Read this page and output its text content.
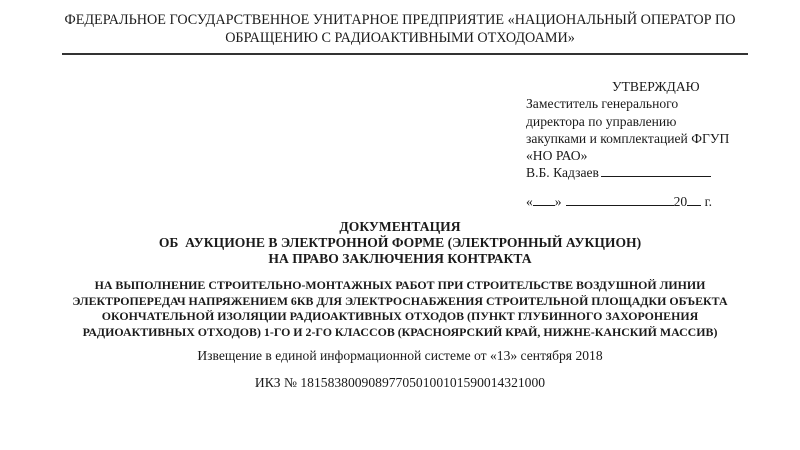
ФЕДЕРАЛЬНОЕ ГОСУДАРСТВЕННОЕ УНИТАРНОЕ ПРЕДПРИЯТИЕ «НАЦИОНАЛЬНЫЙ ОПЕРАТОР ПО
ОБРАЩЕНИЮ С РАДИОАКТИВНЫМИ ОТХОДОАМИ»
УТВЕРЖДАЮ
Заместитель генерального
директора по управлению
закупками и комплектацией ФГУП
«НО РАО»
В.Б. Кадзаев
« »	20 г.
ДОКУМЕНТАЦИЯ
ОБ  АУКЦИОНЕ В ЭЛЕКТРОННОЙ ФОРМЕ (ЭЛЕКТРОННЫЙ АУКЦИОН)
НА ПРАВО ЗАКЛЮЧЕНИЯ КОНТРАКТА
НА ВЫПОЛНЕНИЕ СТРОИТЕЛЬНО-МОНТАЖНЫХ РАБОТ ПРИ СТРОИТЕЛЬСТВЕ ВОЗДУШНОЙ ЛИНИИ
ЭЛЕКТРОПЕРЕДАЧ НАПРЯЖЕНИЕМ 6КВ ДЛЯ ЭЛЕКТРОСНАБЖЕНИЯ СТРОИТЕЛЬНОЙ ПЛОЩАДКИ ОБЪЕКТА
ОКОНЧАТЕЛЬНОЙ ИЗОЛЯЦИИ РАДИОАКТИВНЫХ ОТХОДОВ (ПУНКТ ГЛУБИННОГО ЗАХОРОНЕНИЯ
РАДИОАКТИВНЫХ ОТХОДОВ) 1-ГО И 2-ГО КЛАССОВ (КРАСНОЯРСКИЙ КРАЙ, НИЖНЕ-КАНСКИЙ МАССИВ)
Извещение в единой информационной системе от «13» сентября 2018
ИКЗ № 181583800908977050100101590014321000
